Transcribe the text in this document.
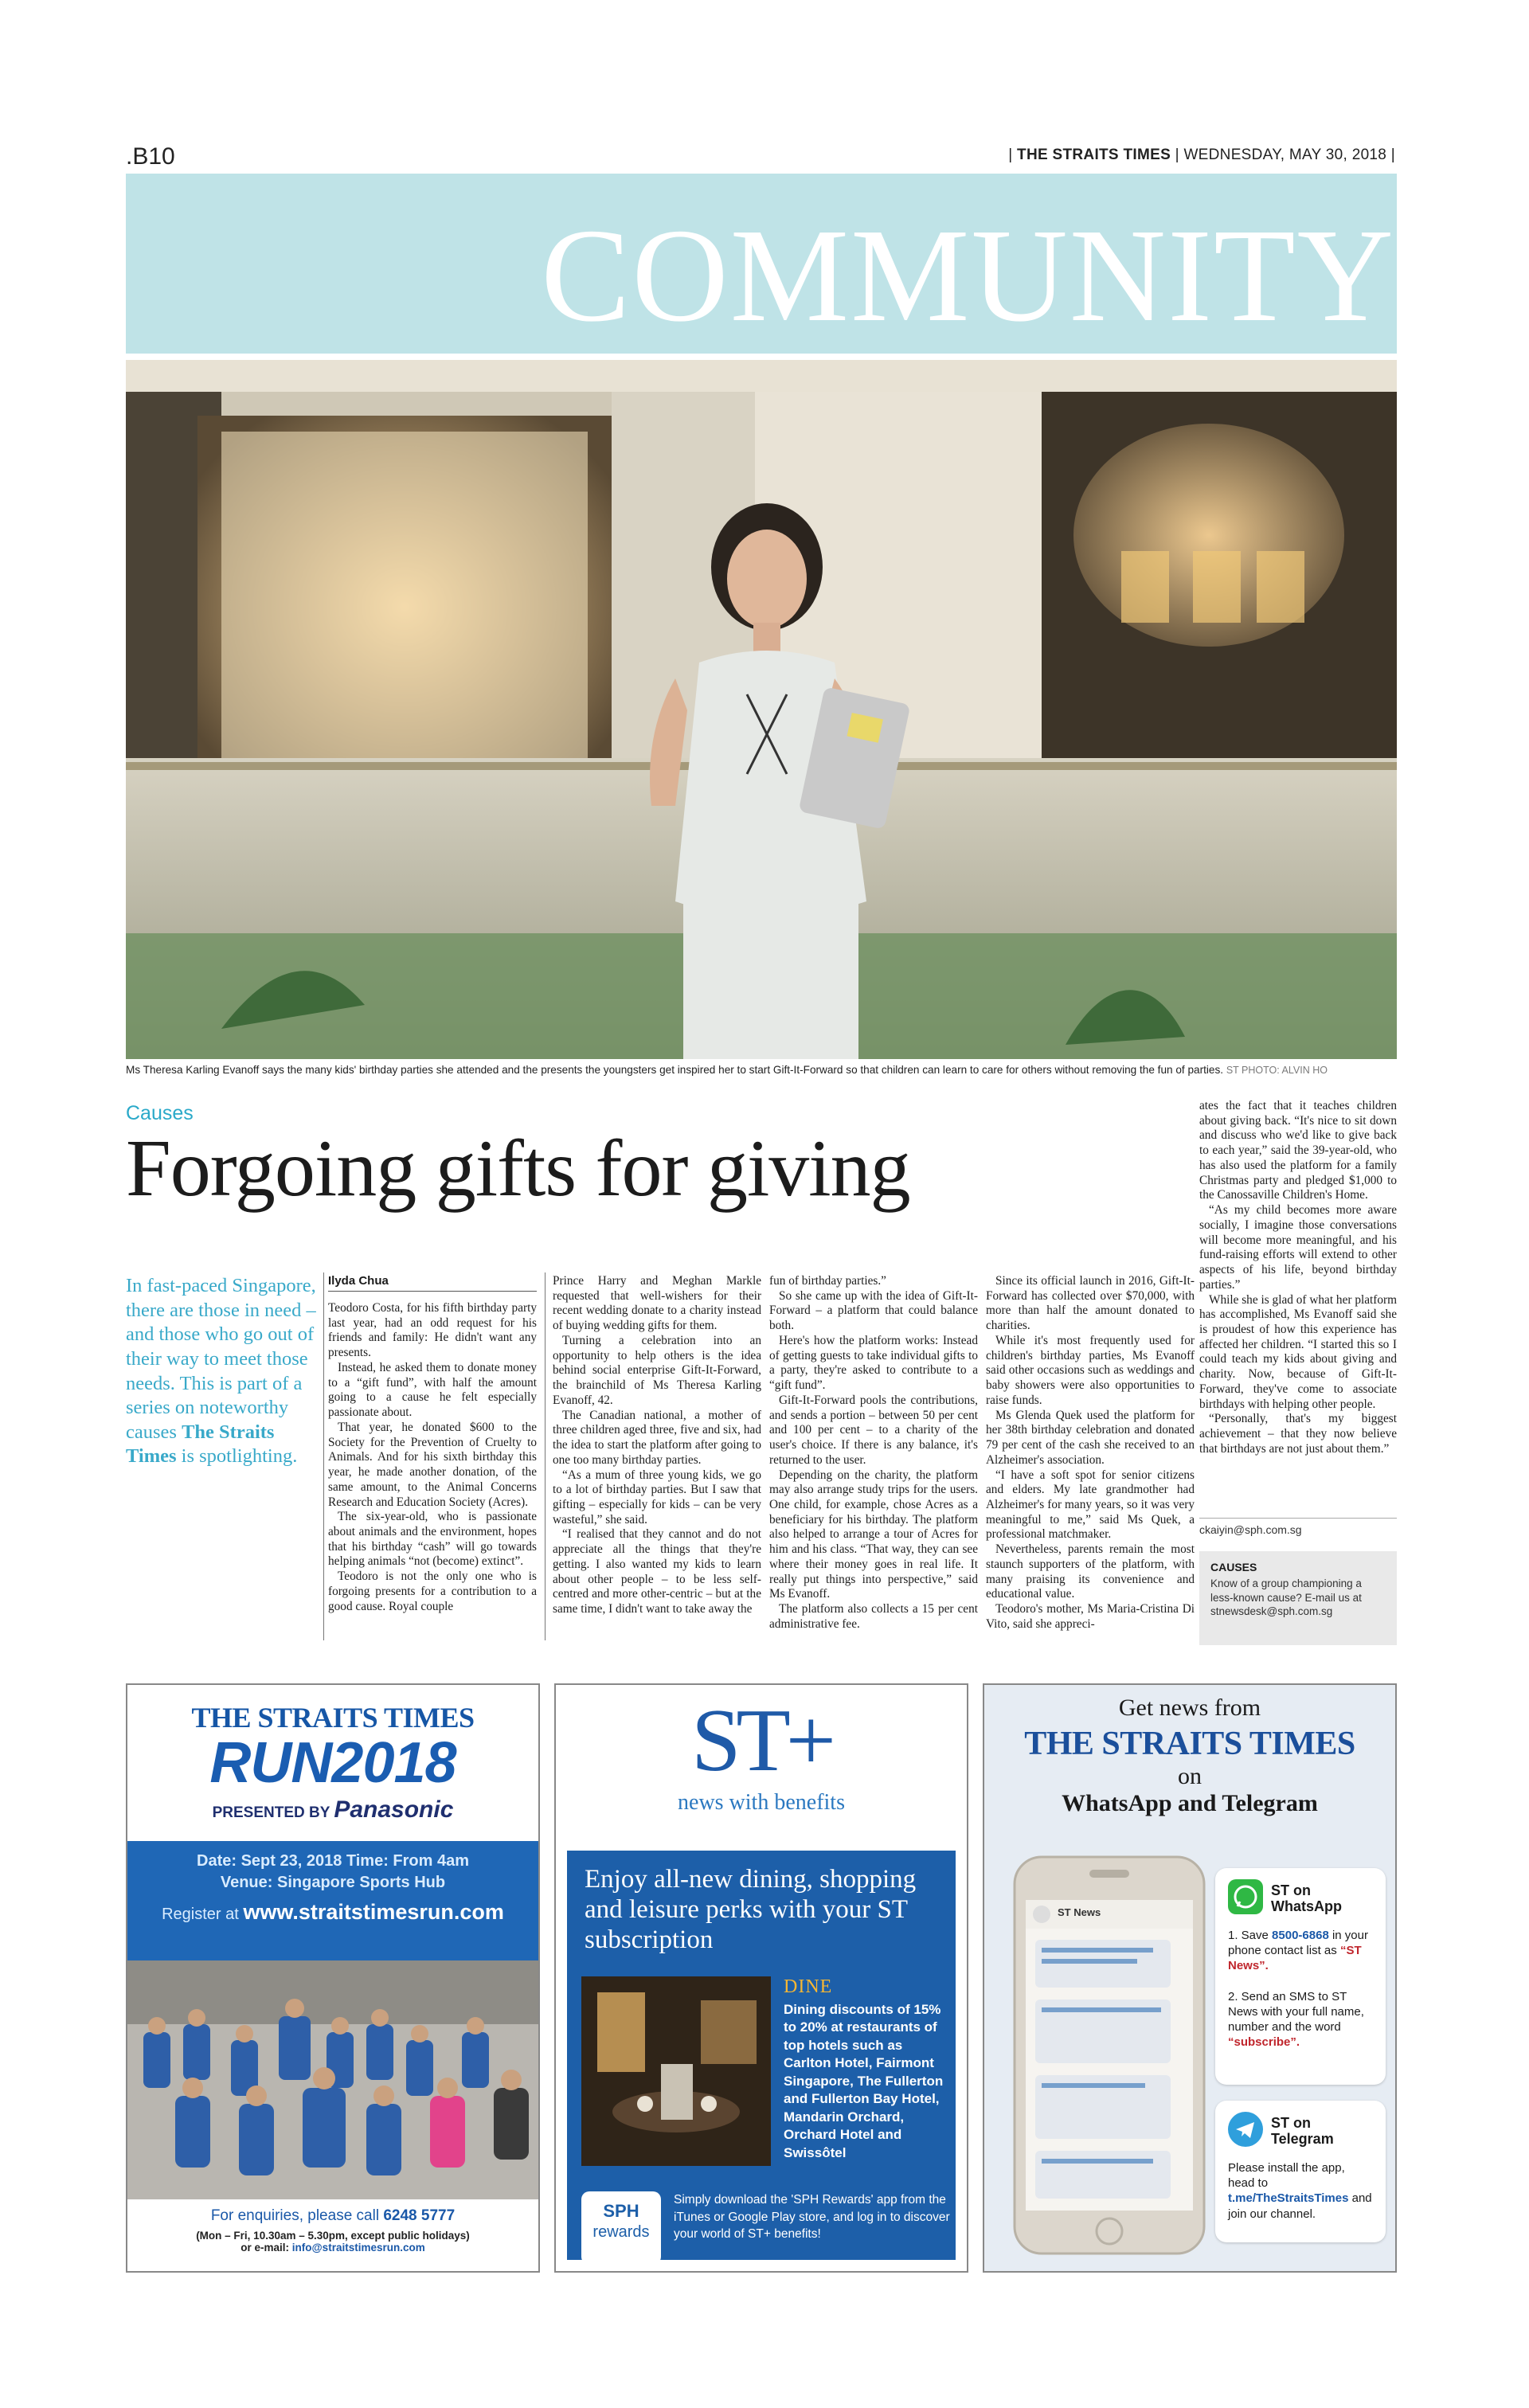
.B10	| THE STRAITS TIMES | WEDNESDAY, MAY 30, 2018 |
COMMUNITY
Ms Theresa Karling Evanoff says the many kids' birthday parties she attended and the presents the youngsters get inspired her to start Gift-It-Forward so that children can learn to care for others without removing the fun of parties. ST PHOTO: ALVIN HO
Causes
Forgoing gifts for giving
In fast-paced Singapore, there are those in need – and those who go out of their way to meet those needs. This is part of a series on noteworthy causes The Straits Times is spotlighting.
Ilyda Chua

Teodoro Costa, for his fifth birthday party last year, had an odd request for his friends and family: He didn't want any presents.

Instead, he asked them to donate money to a “gift fund”, with half the amount going to a cause he felt especially passionate about.

That year, he donated $600 to the Society for the Prevention of Cruelty to Animals. And for his sixth birthday this year, he made another donation, of the same amount, to the Animal Concerns Research and Education Society (Acres).

The six-year-old, who is passionate about animals and the environment, hopes that his birthday “cash” will go towards helping animals “not (become) extinct”.

Teodoro is not the only one who is forgoing presents for a contribution to a good cause. Royal couple

Prince Harry and Meghan Markle requested that well-wishers for their recent wedding donate to a charity instead of buying wedding gifts for them.

Turning a celebration into an opportunity to help others is the idea behind social enterprise Gift-It-Forward, the brainchild of Ms Theresa Karling Evanoff, 42.

The Canadian national, a mother of three children aged three, five and six, had the idea to start the platform after going to one too many birthday parties.

“As a mum of three young kids, we go to a lot of birthday parties. But I saw that gifting – especially for kids – can be very wasteful,” she said.

“I realised that they cannot and do not appreciate all the things that they're getting. I also wanted my kids to learn about other people – to be less self-centred and more other-centric – but at the same time, I didn't want to take away the

fun of birthday parties.”

So she came up with the idea of Gift-It-Forward – a platform that could balance both.

Here's how the platform works: Instead of getting guests to take individual gifts to a party, they're asked to contribute to a “gift fund”.

Gift-It-Forward pools the contributions, and sends a portion – between 50 per cent and 100 per cent – to a charity of the user's choice. If there is any balance, it's returned to the user.

Depending on the charity, the platform may also arrange study trips for the users. One child, for example, chose Acres as a beneficiary for his birthday. The platform also helped to arrange a tour of Acres for him and his class. “That way, they can see where their money goes in real life. It really put things into perspective,” said Ms Evanoff.

The platform also collects a 15 per cent administrative fee.

Since its official launch in 2016, Gift-It-Forward has collected over $70,000, with more than half the amount donated to charities.

While it's most frequently used for children's birthday parties, Ms Evanoff said other occasions such as weddings and baby showers were also opportunities to raise funds.

Ms Glenda Quek used the platform for her 38th birthday celebration and donated 79 per cent of the cash she received to an Alzheimer's association.

“I have a soft spot for senior citizens and elders. My late grandmother had Alzheimer's for many years, so it was very meaningful to me,” said Ms Quek, a professional matchmaker.

Nevertheless, parents remain the most staunch supporters of the platform, with many praising its convenience and educational value.

Teodoro's mother, Ms Maria-Cristina Di Vito, said she appreci-

ates the fact that it teaches children about giving back. “It's nice to sit down and discuss who we'd like to give back to each year,” said the 39-year-old, who has also used the platform for a family Christmas party and pledged $1,000 to the Canossaville Children's Home.

“As my child becomes more aware socially, I imagine those conversations will become more meaningful, and his fund-raising efforts will extend to other aspects of his life, beyond birthday parties.”

While she is glad of what her platform has accomplished, Ms Evanoff said she is proudest of how this experience has affected her children. “I started this so I could teach my kids about giving and charity. Now, because of Gift-It-Forward, they've come to associate birthdays with helping other people.

“Personally, that's my biggest achievement – that they now believe that birthdays are not just about them.”

ckaiyin@sph.com.sg
CAUSES
Know of a group championing a less-known cause? E-mail us at stnewsdesk@sph.com.sg
THE STRAITS TIMES
RUN2018
PRESENTED BY Panasonic
Date: Sept 23, 2018 Time: From 4am
Venue: Singapore Sports Hub
Register at www.straitstimesrun.com
For enquiries, please call 6248 5777
(Mon – Fri, 10.30am – 5.30pm, except public holidays)
or e-mail: info@straitstimesrun.com
ST+
news with benefits
Enjoy all-new dining, shopping and leisure perks with your ST subscription
DINE
Dining discounts of 15% to 20% at restaurants of top hotels such as Carlton Hotel, Fairmont Singapore, The Fullerton and Fullerton Bay Hotel, Mandarin Orchard, Orchard Hotel and Swissôtel
SPH
rewards
Simply download the 'SPH Rewards' app from the iTunes or Google Play store, and log in to discover your world of ST+ benefits!
Get news from
THE STRAITS TIMES
on
WhatsApp and Telegram
ST News
ST on WhatsApp
1. Save 8500-6868 in your phone contact list as “ST News”.

2. Send an SMS to ST News with your full name, number and the word “subscribe”.
ST on Telegram
Please install the app, head to t.me/TheStraitsTimes and join our channel.
